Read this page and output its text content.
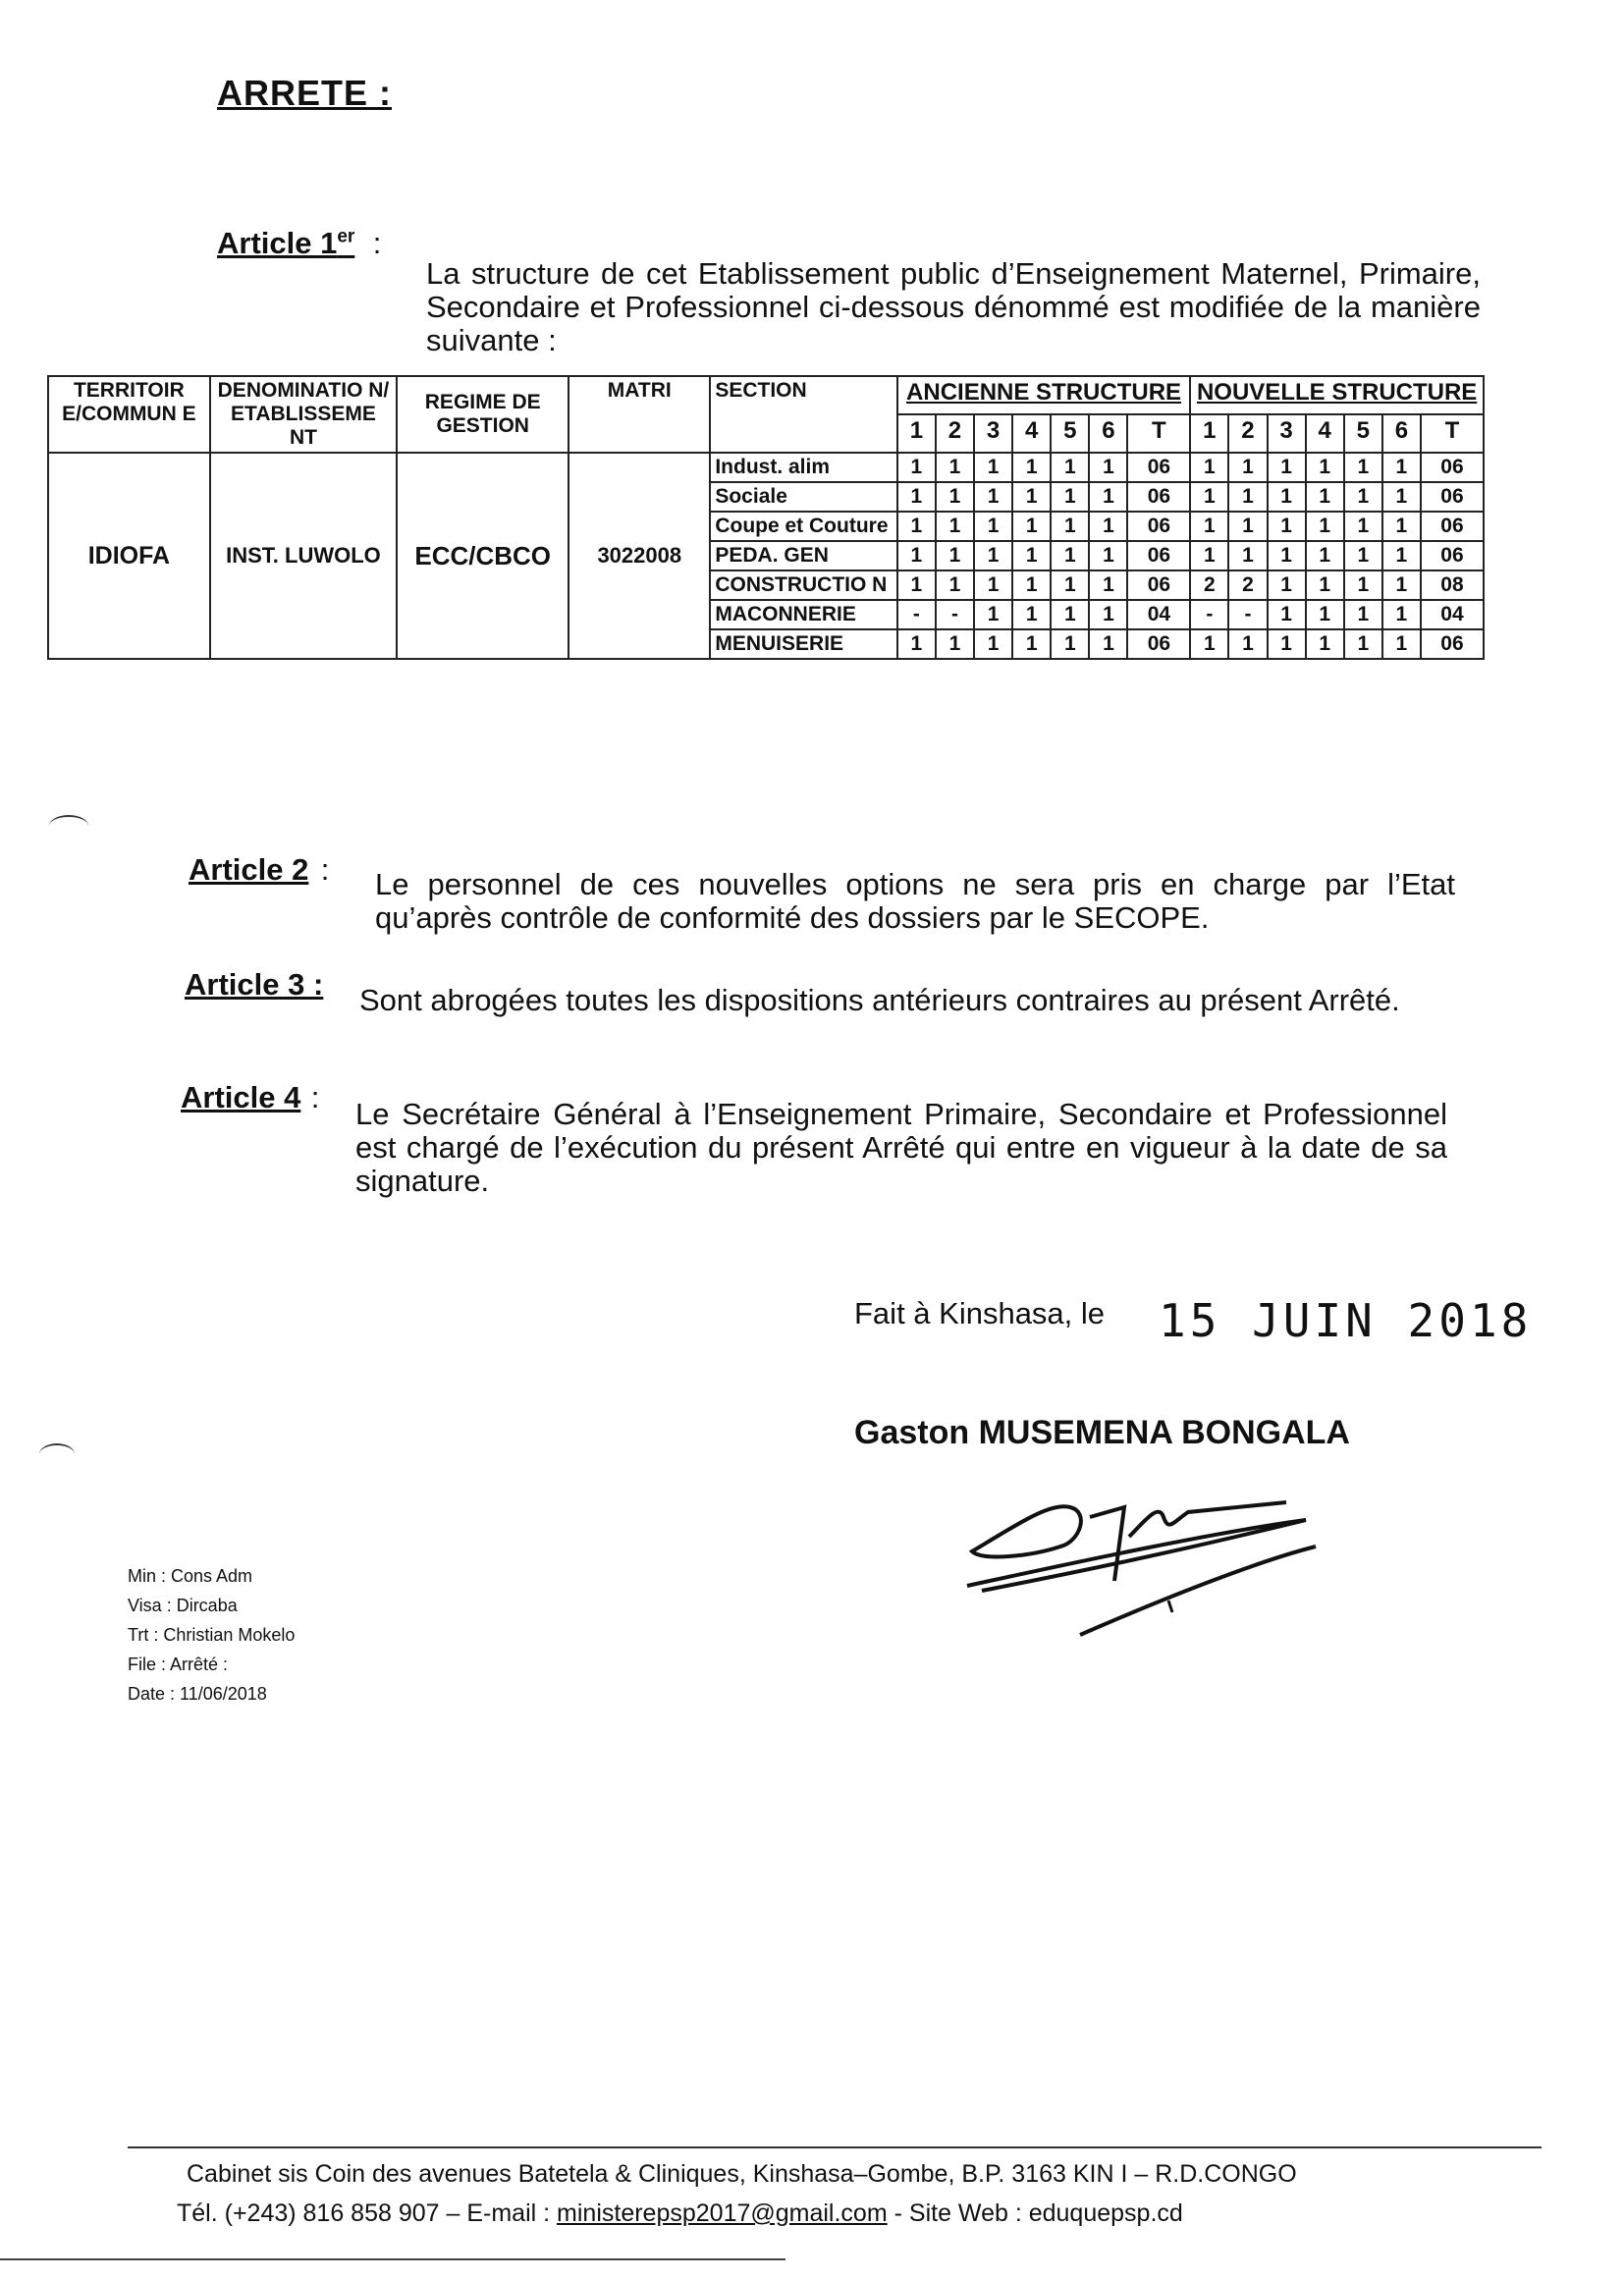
ARRETE :
Article 1er :
La structure de cet Etablissement public d’Enseignement Maternel, Primaire, Secondaire et Professionnel ci-dessous dénommé est modifiée de la manière suivante :
TERRITOIR E/COMMUN E	DENOMINATIO N/ ETABLISSEME NT	REGIME DE GESTION	MATRI	SECTION	ANCIENNE STRUCTURE							NOUVELLE STRUCTURE						
					1	2	3	4	5	6	T	1	2	3	4	5	6	T
IDIOFA	INST. LUWOLO	ECC/CBCO	3022008	Indust. alim	1	1	1	1	1	1	06	1	1	1	1	1	1	06
				Sociale	1	1	1	1	1	1	06	1	1	1	1	1	1	06
				Coupe et Couture	1	1	1	1	1	1	06	1	1	1	1	1	1	06
				PEDA. GEN	1	1	1	1	1	1	06	1	1	1	1	1	1	06
				CONSTRUCTIO N	1	1	1	1	1	1	06	2	2	1	1	1	1	08
				MACONNERIE	-	-	1	1	1	1	04	-	-	1	1	1	1	04
				MENUISERIE	1	1	1	1	1	1	06	1	1	1	1	1	1	06
Article 2 : Le personnel de ces nouvelles options ne sera pris en charge par l’Etat qu’après contrôle de conformité des dossiers par le SECOPE.
Article 3 : Sont abrogées toutes les dispositions antérieurs contraires au présent Arrêté.
Article 4 : Le Secrétaire Général à l’Enseignement Primaire, Secondaire et Professionnel est chargé de l’exécution du présent Arrêté qui entre en vigueur à la date de sa signature.
Fait à Kinshasa, le 15 JUIN 2018
Gaston MUSEMENA BONGALA
Min : Cons Adm
Visa : Dircaba
Trt : Christian Mokelo
File : Arrêté :
Date : 11/06/2018
Cabinet sis Coin des avenues Batetela & Cliniques, Kinshasa–Gombe, B.P. 3163 KIN I – R.D.CONGO
Tél. (+243) 816 858 907 – E-mail : ministerepsp2017@gmail.com - Site Web : eduquepsp.cd
